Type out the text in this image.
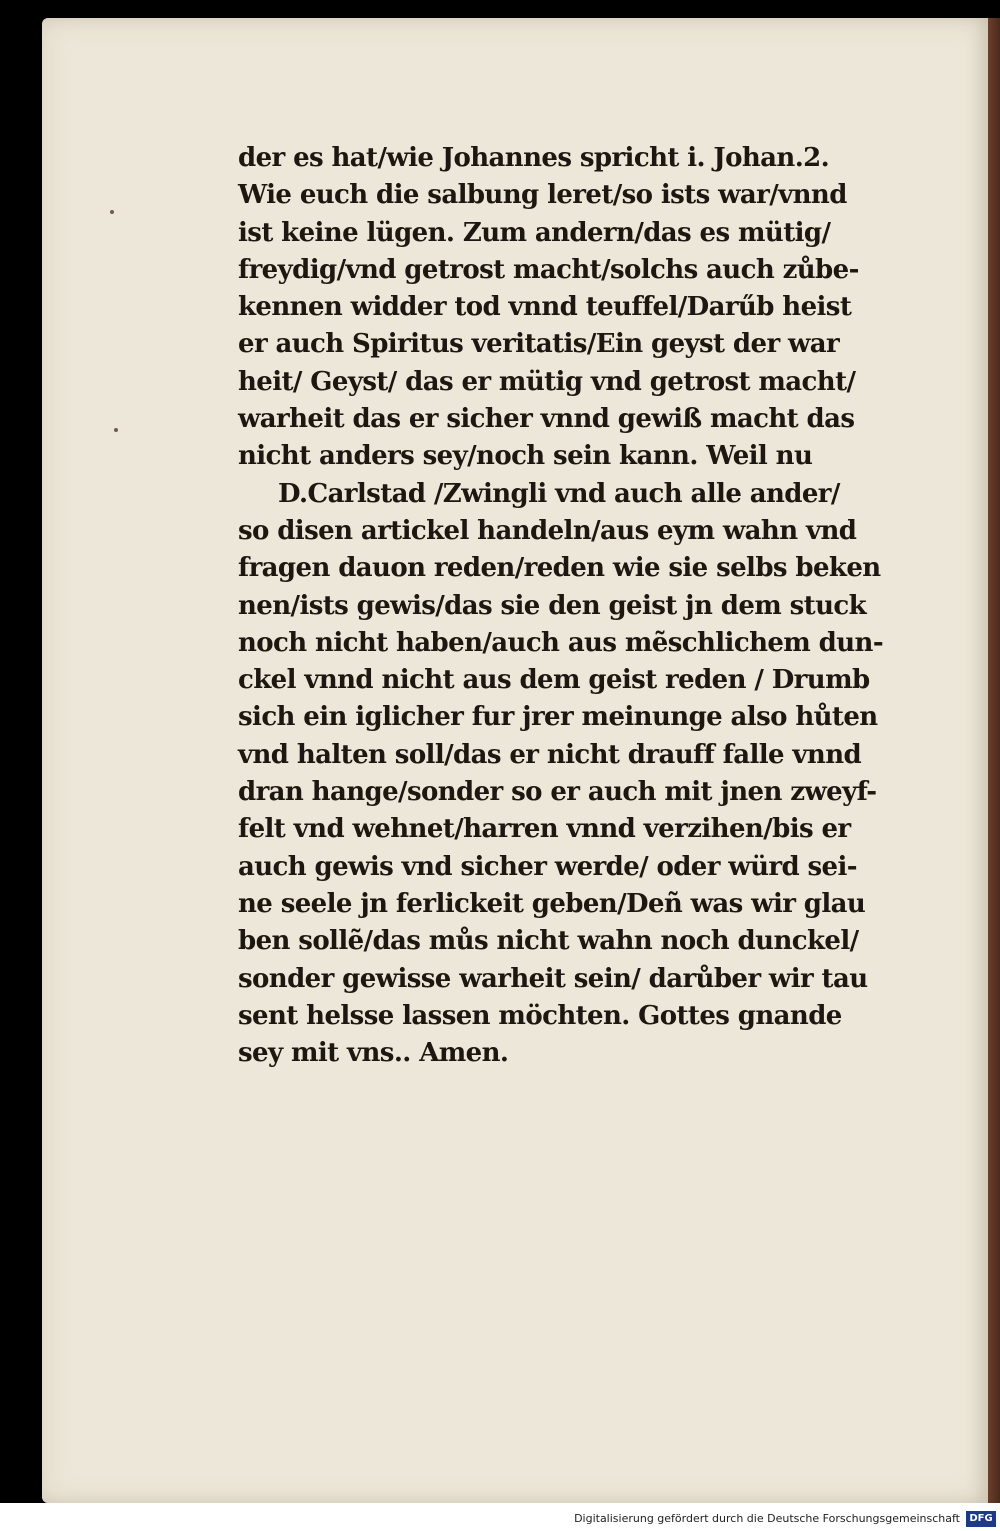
der es hat/wie Johannes spricht i. Johan.2.
Wie euch die salbung leret/so ists war/vnnd
ist keine lügen. Zum andern/das es mütig/
freydig/vnd getrost macht/solchs auch zůbe-
kennen widder tod vnnd teuffel/Darűb heist
er auch Spiritus veritatis/Ein geyst der war
heit/ Geyst/ das er mütig vnd getrost macht/
warheit das er sicher vnnd gewiß macht das
nicht anders sey/noch sein kann. Weil nu
D.Carlstad /Zwingli vnd auch alle ander/
so disen artickel handeln/aus eym wahn vnd
fragen dauon reden/reden wie sie selbs beken
nen/ists gewis/das sie den geist jn dem stuck
noch nicht haben/auch aus mẽschlichem dun-
ckel vnnd nicht aus dem geist reden / Drumb
sich ein iglicher fur jrer meinunge also hůten
vnd halten soll/das er nicht drauff falle vnnd
dran hange/sonder so er auch mit jnen zweyf-
felt vnd wehnet/harren vnnd verzihen/bis er
auch gewis vnd sicher werde/ oder würd sei-
ne seele jn ferlickeit geben/Deñ was wir glau
ben sollẽ/das můs nicht wahn noch dunckel/
sonder gewisse warheit sein/ darůber wir tau
sent helsse lassen möchten. Gottes gnande
sey mit vns.. Amen.
Digitalisierung gefördert durch die Deutsche Forschungsgemeinschaft DFG
